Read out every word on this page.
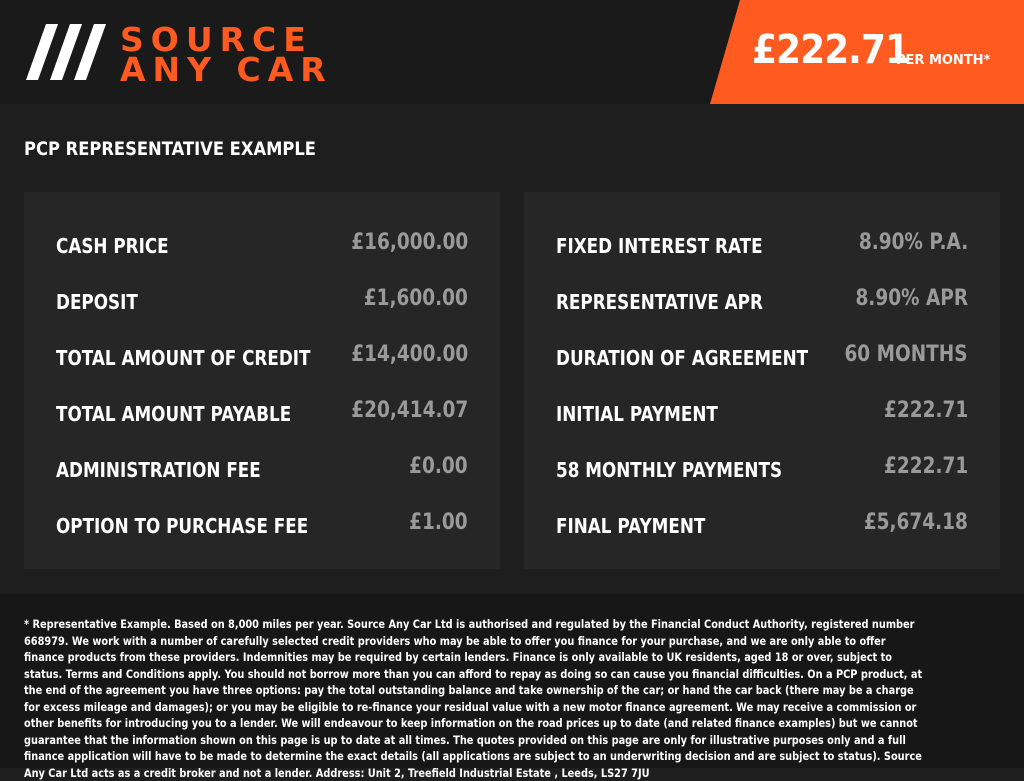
SOURCE
ANY CAR	£222.71
PER MONTH*
PCP REPRESENTATIVE EXAMPLE
CASH PRICE	£16,000.00
DEPOSIT	£1,600.00
TOTAL AMOUNT OF CREDIT £14,400.00
TOTAL AMOUNT PAYABLE	£20,414.07
ADMINISTRATION FEE	£0.00
OPTION TO PURCHASE FEE	£1.00
FIXED INTEREST RATE	8.90% P.A.
REPRESENTATIVE APR	8.90% APR
DURATION OF AGREEMENT 60 MONTHS
INITIAL PAYMENT	£222.71
58 MONTHLY PAYMENTS	£222.71
FINAL PAYMENT	£5,674.18

* Representative Example. Based on 8,000 miles per year. Source Any Car Ltd is authorised and regulated by the Financial Conduct Authority, registered number 668979. We work with a number of carefully selected credit providers who may be able to offer you finance for your purchase, and we are only able to offer finance products from these providers. Indemnities may be required by certain lenders. Finance is only available to UK residents, aged 18 or over, subject to status. Terms and Conditions apply. You should not borrow more than you can afford to repay as doing so can cause you financial difficulties. On a PCP product, at the end of the agreement you have three options: pay the total outstanding balance and take ownership of the car; or hand the car back (there may be a charge for excess mileage and damages); or you may be eligible to re-finance your residual value with a new motor finance agreement. We may receive a commission or other benefits for introducing you to a lender. We will endeavour to keep information on the road prices up to date (and related finance examples) but we cannot guarantee that the information shown on this page is up to date at all times. The quotes provided on this page are only for illustrative purposes only and a full finance application will have to be made to determine the exact details (all applications are subject to an underwriting decision and are subject to status). Source Any Car Ltd acts as a credit broker and not a lender. Address: Unit 2, Treefield Industrial Estate , Leeds, LS27 7JU
